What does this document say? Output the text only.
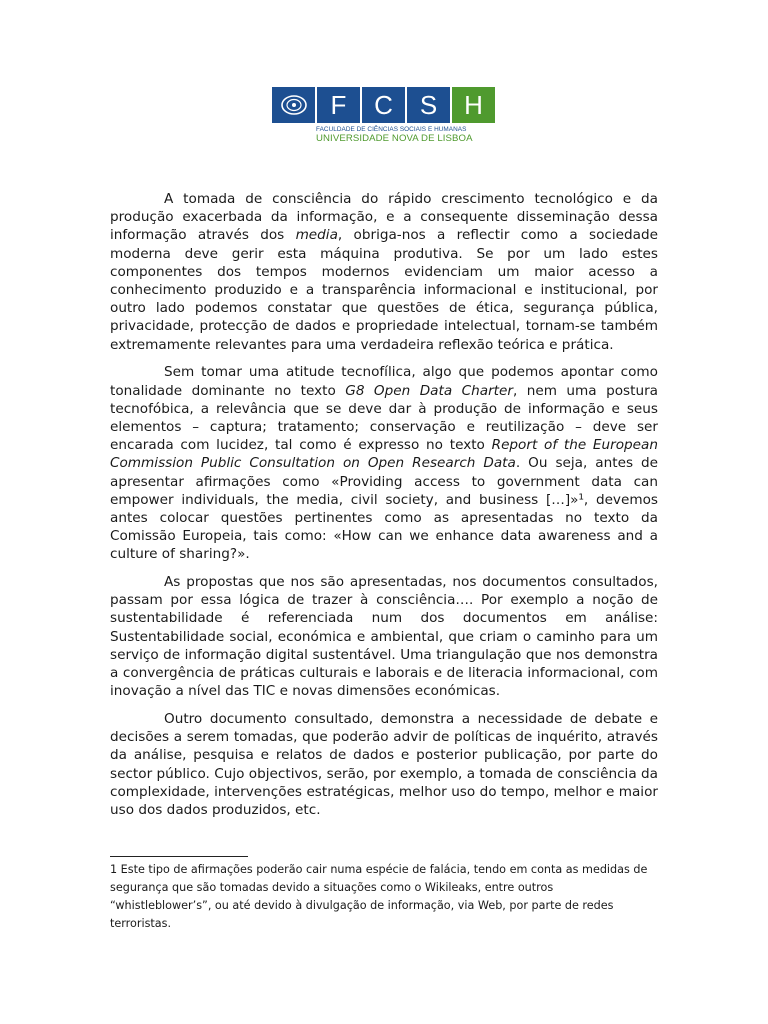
F	C	S	H
FACULDADE DE CIÊNCIAS SOCIAIS E HUMANAS
UNIVERSIDADE NOVA DE LISBOA

A tomada de consciência do rápido crescimento tecnológico e da produção exacerbada da informação, e a consequente disseminação dessa informação através dos media, obriga-nos a reflectir como a sociedade moderna deve gerir esta máquina produtiva. Se por um lado estes componentes dos tempos modernos evidenciam um maior acesso a conhecimento produzido e a transparência informacional e institucional, por outro lado podemos constatar que questões de ética, segurança pública, privacidade, protecção de dados e propriedade intelectual, tornam-se também extremamente relevantes para uma verdadeira reflexão teórica e prática.

Sem tomar uma atitude tecnofílica, algo que podemos apontar como tonalidade dominante no texto G8 Open Data Charter, nem uma postura tecnofóbica, a relevância que se deve dar à produção de informação e seus elementos – captura; tratamento; conservação e reutilização – deve ser encarada com lucidez, tal como é expresso no texto Report of the European Commission Public Consultation on Open Research Data. Ou seja, antes de apresentar afirmações como «Providing access to government data can empower individuals, the media, civil society, and business […]»¹, devemos antes colocar questões pertinentes como as apresentadas no texto da Comissão Europeia, tais como: «How can we enhance data awareness and a culture of sharing?».

As propostas que nos são apresentadas, nos documentos consultados, passam por essa lógica de trazer à consciência…. Por exemplo a noção de sustentabilidade é referenciada num dos documentos em análise: Sustentabilidade social, económica e ambiental, que criam o caminho para um serviço de informação digital sustentável. Uma triangulação que nos demonstra a convergência de práticas culturais e laborais e de literacia informacional, com inovação a nível das TIC e novas dimensões económicas.

Outro documento consultado, demonstra a necessidade de debate e decisões a serem tomadas, que poderão advir de políticas de inquérito, através da análise, pesquisa e relatos de dados e posterior publicação, por parte do sector público. Cujo objectivos, serão, por exemplo, a tomada de consciência da complexidade, intervenções estratégicas, melhor uso do tempo, melhor e maior uso dos dados produzidos, etc.

1 Este tipo de afirmações poderão cair numa espécie de falácia, tendo em conta as medidas de segurança que são tomadas devido a situações como o Wikileaks, entre outros “whistleblower’s”, ou até devido à divulgação de informação, via Web, por parte de redes terroristas.
